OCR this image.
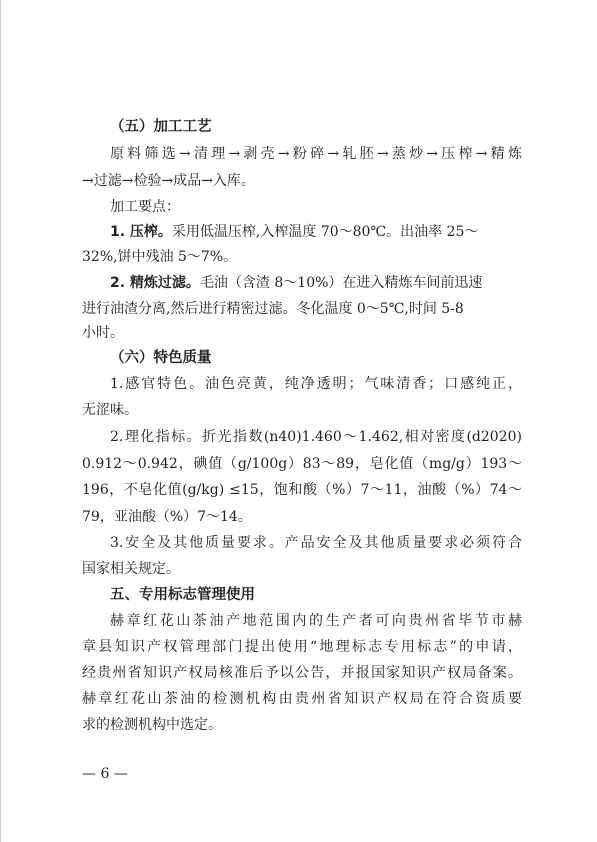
（五）加工工艺
原料筛选→清理→剥壳→粉碎→轧胚→蒸炒→压榨→精炼
→过滤→检验→成品→入库。
加工要点：
1. 压榨。采用低温压榨,入榨温度 70～80℃。出油率 25～
32%,饼中残油 5～7%。
2. 精炼过滤。毛油（含渣 8～10%）在进入精炼车间前迅速
进行油渣分离,然后进行精密过滤。冬化温度 0～5℃,时间 5-8
小时。
（六）特色质量
1.感官特色。油色亮黄，纯净透明；气味清香；口感纯正，
无涩味。
2.理化指标。折光指数(n40)1.460～1.462,相对密度(d2020)
0.912～0.942，碘值（g/100g）83～89，皂化值（mg/g）193～
196，不皂化值(g/kg) ≤15，饱和酸（%）7～11，油酸（%）74～
79，亚油酸（%）7～14。
3.安全及其他质量要求。产品安全及其他质量要求必须符合
国家相关规定。
五、专用标志管理使用
赫章红花山茶油产地范围内的生产者可向贵州省毕节市赫
章县知识产权管理部门提出使用“地理标志专用标志”的申请，
经贵州省知识产权局核准后予以公告，并报国家知识产权局备案。
赫章红花山茶油的检测机构由贵州省知识产权局在符合资质要
求的检测机构中选定。
— 6 —
